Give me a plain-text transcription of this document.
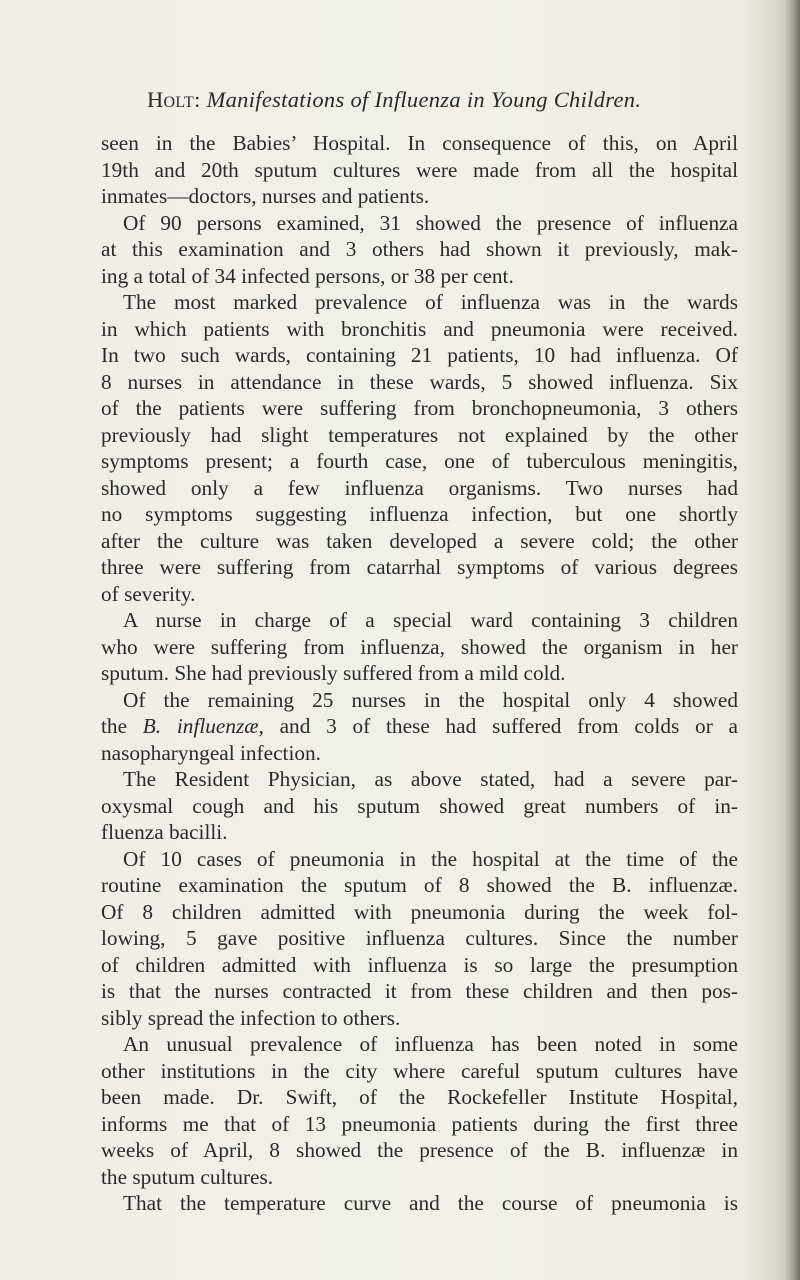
Holt: Manifestations of Influenza in Young Children.
seen in the Babies’ Hospital. In consequence of this, on April
19th and 20th sputum cultures were made from all the hospital
inmates—doctors, nurses and patients.
Of 90 persons examined, 31 showed the presence of influenza
at this examination and 3 others had shown it previously, mak-
ing a total of 34 infected persons, or 38 per cent.
The most marked prevalence of influenza was in the wards
in which patients with bronchitis and pneumonia were received.
In two such wards, containing 21 patients, 10 had influenza. Of
8 nurses in attendance in these wards, 5 showed influenza. Six
of the patients were suffering from bronchopneumonia, 3 others
previously had slight temperatures not explained by the other
symptoms present; a fourth case, one of tuberculous meningitis,
showed only a few influenza organisms. Two nurses had
no symptoms suggesting influenza infection, but one shortly
after the culture was taken developed a severe cold; the other
three were suffering from catarrhal symptoms of various degrees
of severity.
A nurse in charge of a special ward containing 3 children
who were suffering from influenza, showed the organism in her
sputum. She had previously suffered from a mild cold.
Of the remaining 25 nurses in the hospital only 4 showed
the B. influenzæ, and 3 of these had suffered from colds or a
nasopharyngeal infection.
The Resident Physician, as above stated, had a severe par-
oxysmal cough and his sputum showed great numbers of in-
fluenza bacilli.
Of 10 cases of pneumonia in the hospital at the time of the
routine examination the sputum of 8 showed the B. influenzæ.
Of 8 children admitted with pneumonia during the week fol-
lowing, 5 gave positive influenza cultures. Since the number
of children admitted with influenza is so large the presumption
is that the nurses contracted it from these children and then pos-
sibly spread the infection to others.
An unusual prevalence of influenza has been noted in some
other institutions in the city where careful sputum cultures have
been made. Dr. Swift, of the Rockefeller Institute Hospital,
informs me that of 13 pneumonia patients during the first three
weeks of April, 8 showed the presence of the B. influenzæ in
the sputum cultures.
That the temperature curve and the course of pneumonia is
